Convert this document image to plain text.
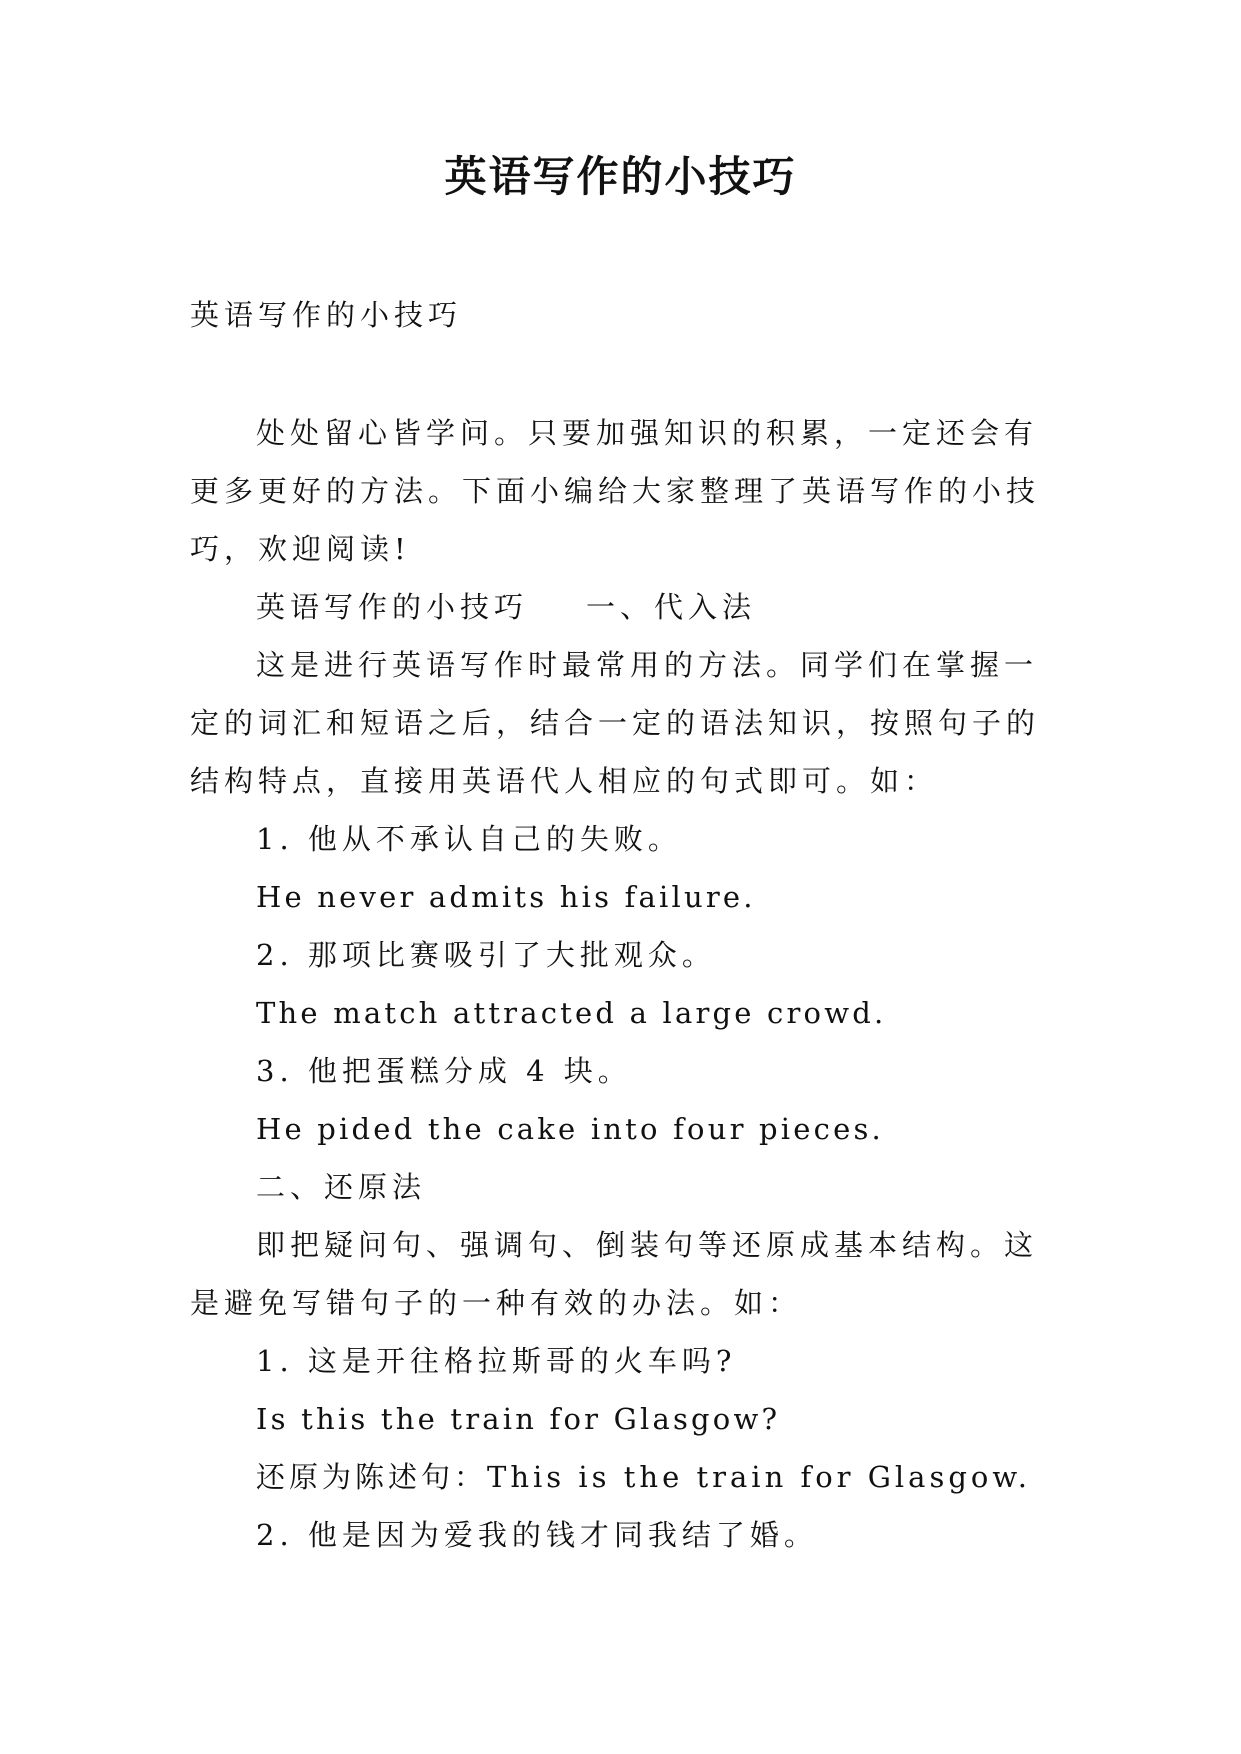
英语写作的小技巧

英语写作的小技巧

处处留心皆学问。只要加强知识的积累，一定还会有更多更好的方法。下面小编给大家整理了英语写作的小技巧，欢迎阅读!

英语写作的小技巧 一、代入法

这是进行英语写作时最常用的方法。同学们在掌握一定的词汇和短语之后，结合一定的语法知识，按照句子的结构特点，直接用英语代人相应的句式即可。如：

1. 他从不承认自己的失败。

He never admits his failure.

2. 那项比赛吸引了大批观众。

The match attracted a large crowd.

3. 他把蛋糕分成 4 块。

He pided the cake into four pieces.

二、还原法

即把疑问句、强调句、倒装句等还原成基本结构。这是避免写错句子的一种有效的办法。如：

1. 这是开往格拉斯哥的火车吗?

Is this the train for Glasgow?

还原为陈述句：This is the train for Glasgow.

2. 他是因为爱我的钱才同我结了婚。
